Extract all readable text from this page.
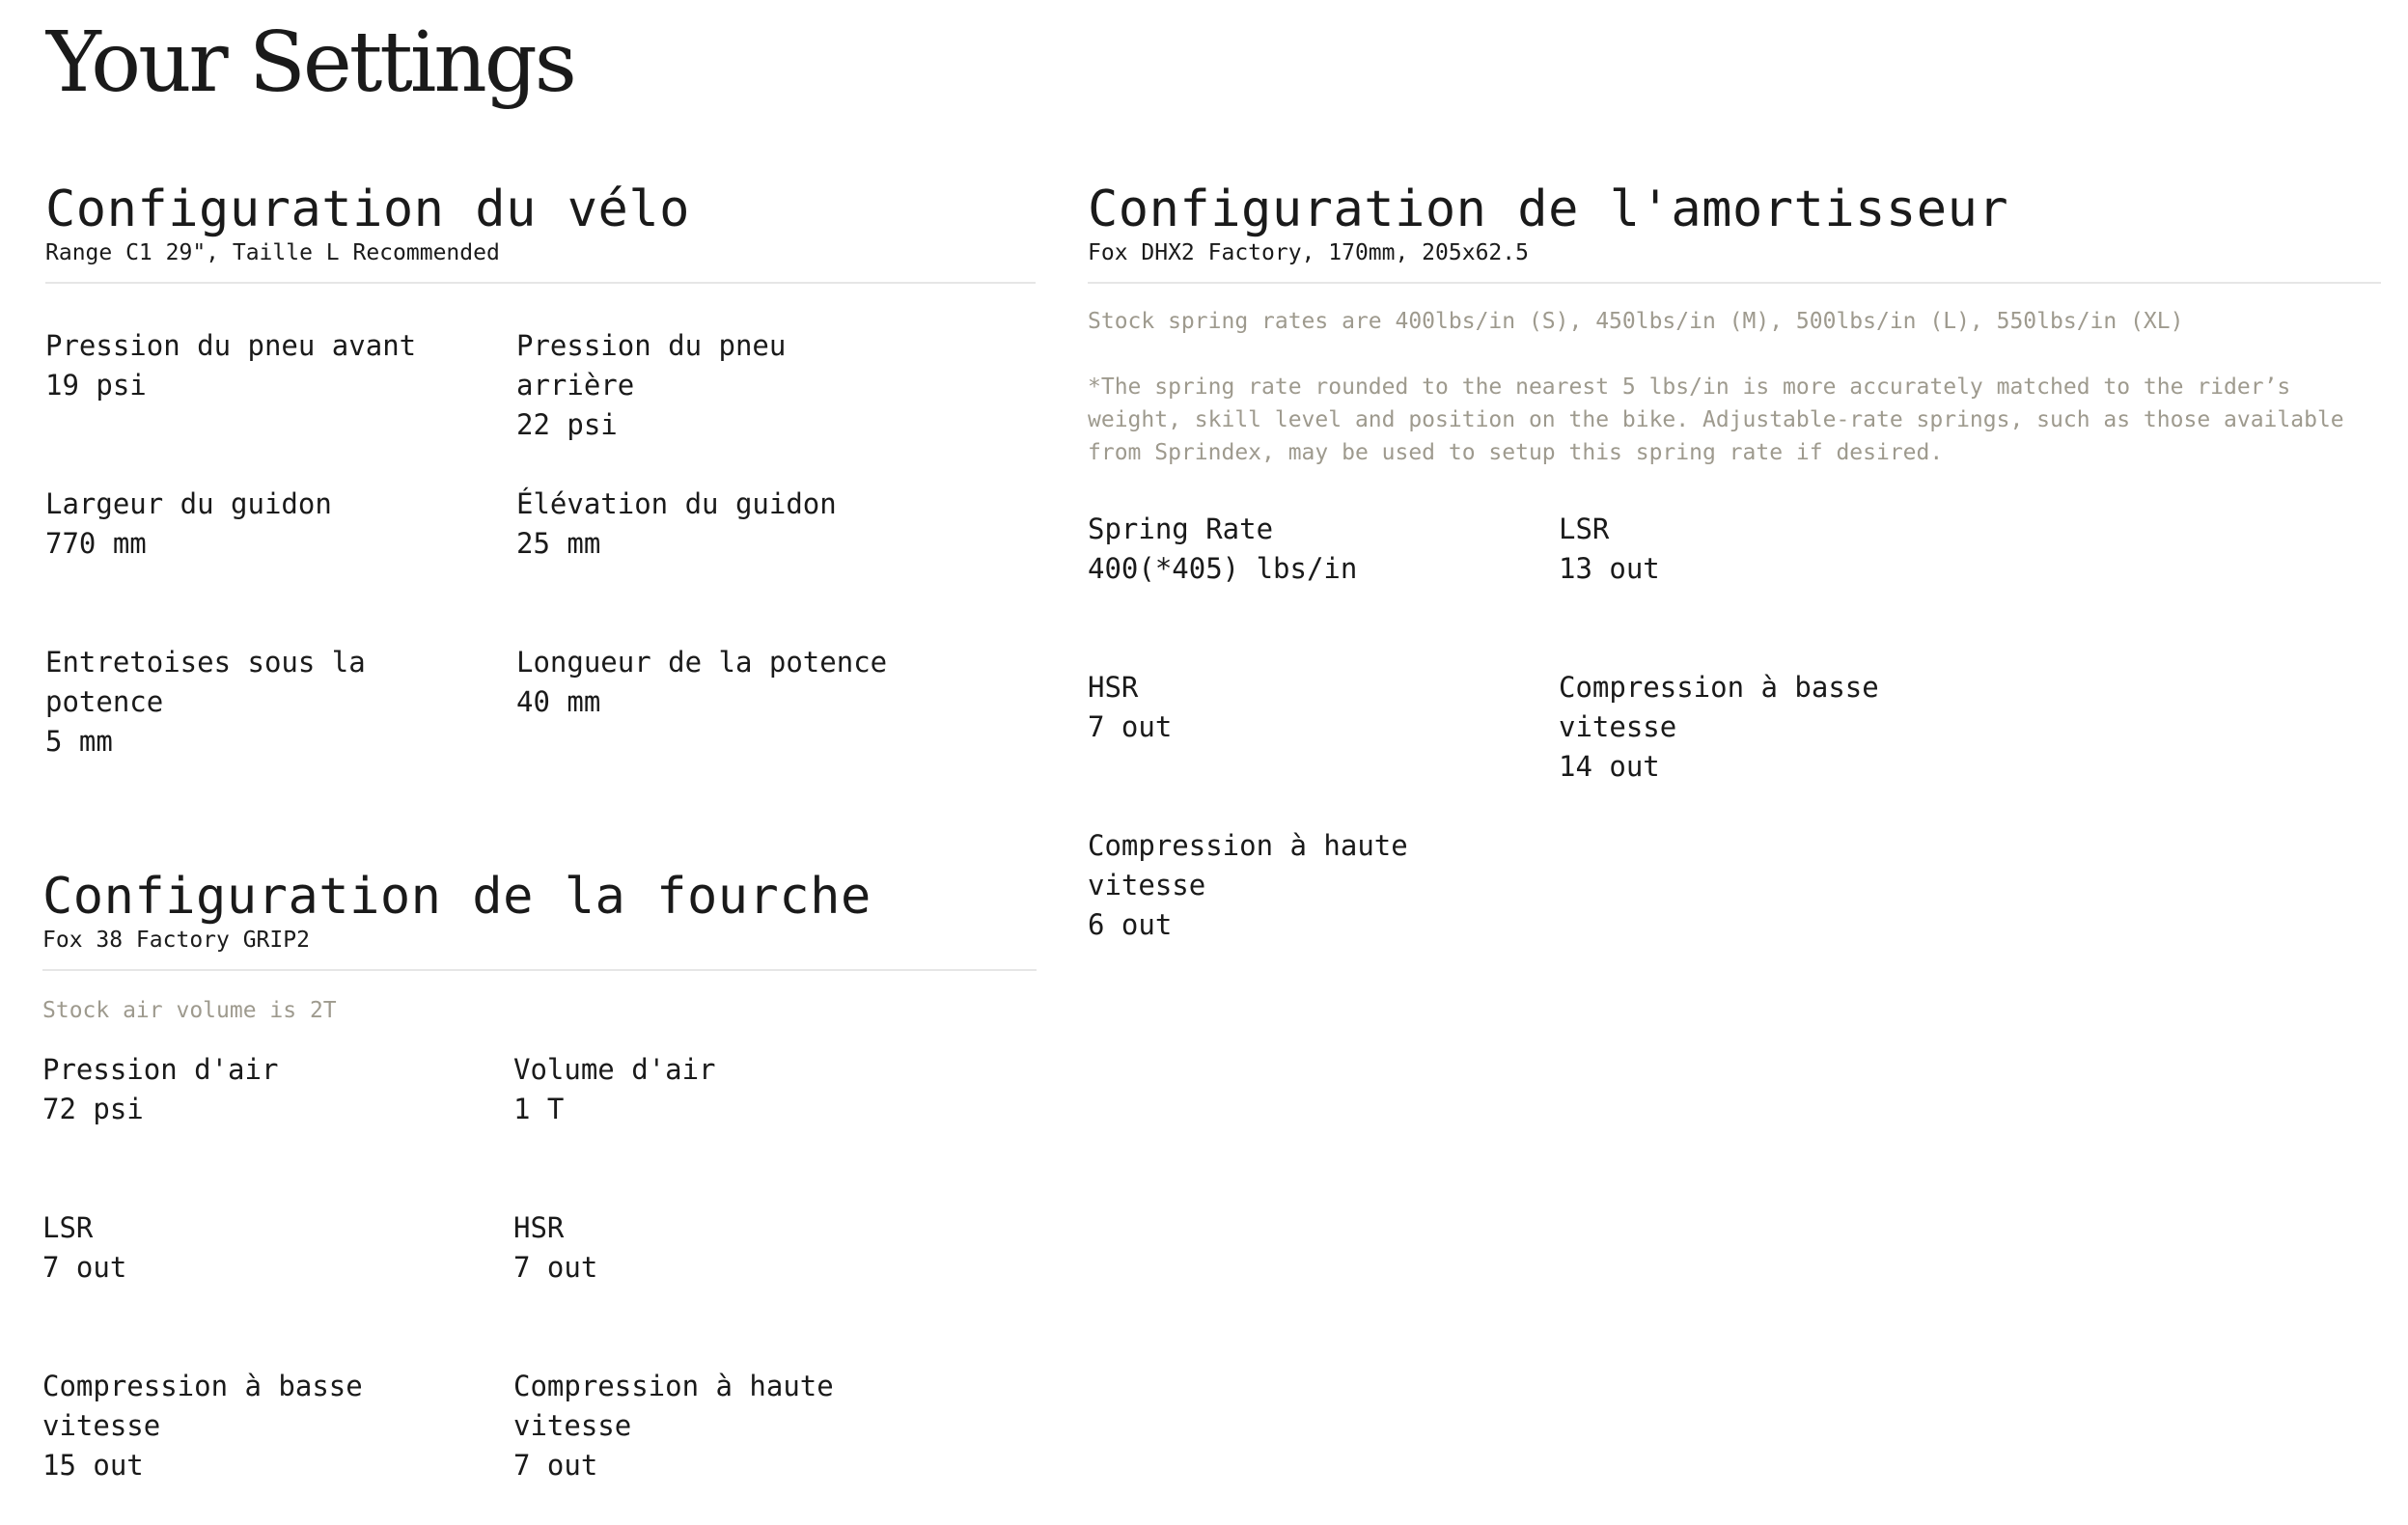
Your Settings
Configuration du vélo

Range C1 29", Taille L Recommended

Pression du pneu avant
19 psi
Pression du pneu arrière
22 psi
Largeur du guidon
770 mm
Élévation du guidon
25 mm
Entretoises sous la potence
5 mm
Longueur de la potence
40 mm
Configuration de la fourche

Fox 38 Factory GRIP2

Stock air volume is 2T

Pression d'air
72 psi
Volume d'air
1 T
LSR
7 out
HSR
7 out
Compression à basse vitesse
15 out
Compression à haute vitesse
7 out
Configuration de l'amortisseur

Fox DHX2 Factory, 170mm, 205x62.5

Stock spring rates are 400lbs/in (S), 450lbs/in (M), 500lbs/in (L), 550lbs/in (XL)

*The spring rate rounded to the nearest 5 lbs/in is more accurately matched to the rider’s weight, skill level and position on the bike. Adjustable-rate springs, such as those available from Sprindex, may be used to setup this spring rate if desired.

Spring Rate
400(*405) lbs/in
LSR
13 out
HSR
7 out
Compression à basse vitesse
14 out
Compression à haute vitesse
6 out
